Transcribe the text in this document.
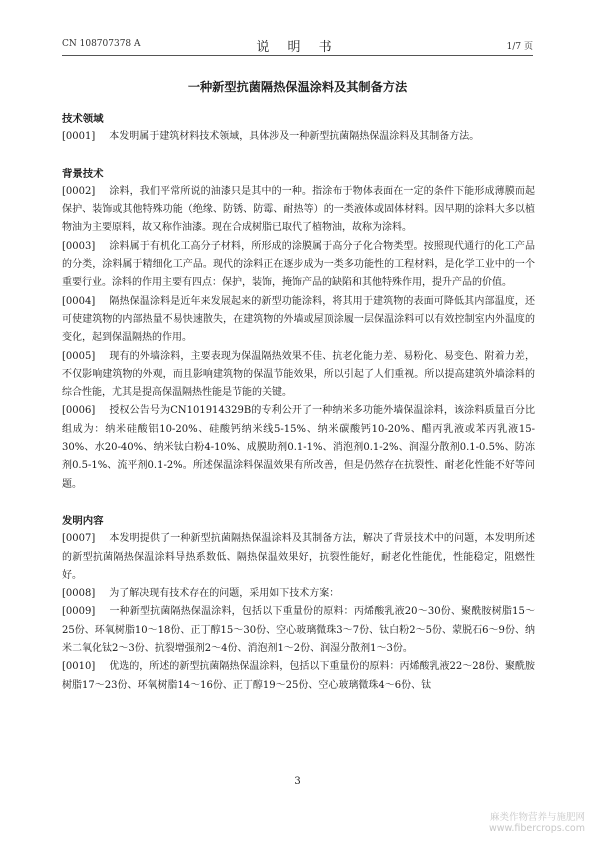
CN 108707378 A	说 明 书	1/7 页
一种新型抗菌隔热保温涂料及其制备方法

技术领域

[0001] 本发明属于建筑材料技术领域，具体涉及一种新型抗菌隔热保温涂料及其制备方法。

背景技术

[0002] 涂料，我们平常所说的油漆只是其中的一种。指涂布于物体表面在一定的条件下能形成薄膜而起保护、装饰或其他特殊功能（绝缘、防锈、防霉、耐热等）的一类液体或固体材料。因早期的涂料大多以植物油为主要原料，故又称作油漆。现在合成树脂已取代了植物油，故称为涂料。

[0003] 涂料属于有机化工高分子材料，所形成的涂膜属于高分子化合物类型。按照现代通行的化工产品的分类，涂料属于精细化工产品。现代的涂料正在逐步成为一类多功能性的工程材料，是化学工业中的一个重要行业。涂料的作用主要有四点：保护，装饰，掩饰产品的缺陷和其他特殊作用，提升产品的价值。

[0004] 隔热保温涂料是近年来发展起来的新型功能涂料，将其用于建筑物的表面可降低其内部温度，还可使建筑物的内部热量不易快速散失，在建筑物的外墙或屋顶涂履一层保温涂料可以有效控制室内外温度的变化，起到保温隔热的作用。

[0005] 现有的外墙涂料，主要表现为保温隔热效果不佳、抗老化能力差、易粉化、易变色、附着力差，不仅影响建筑物的外观，而且影响建筑物的保温节能效果，所以引起了人们重视。所以提高建筑外墙涂料的综合性能，尤其是提高保温隔热性能是节能的关键。

[0006] 授权公告号为CN101914329B的专利公开了一种纳米多功能外墙保温涂料，该涂料质量百分比组成为：纳米硅酸铝10-20%、硅酸钙纳米线5-15%、纳米碳酸钙10-20%、醋丙乳液或苯丙乳液15-30%、水20-40%、纳米钛白粉4-10%、成膜助剂0.1-1%、消泡剂0.1-2%、润湿分散剂0.1-0.5%、防冻剂0.5-1%、流平剂0.1-2%。所述保温涂料保温效果有所改善，但是仍然存在抗裂性、耐老化性能不好等问题。

发明内容

[0007] 本发明提供了一种新型抗菌隔热保温涂料及其制备方法，解决了背景技术中的问题，本发明所述的新型抗菌隔热保温涂料导热系数低、隔热保温效果好，抗裂性能好，耐老化性能优，性能稳定，阻燃性好。

[0008] 为了解决现有技术存在的问题，采用如下技术方案：

[0009] 一种新型抗菌隔热保温涂料，包括以下重量份的原料：丙烯酸乳液20～30份、聚酰胺树脂15～25份、环氧树脂10～18份、正丁醇15～30份、空心玻璃微珠3～7份、钛白粉2～5份、蒙脱石6～9份、纳米二氧化钛2～3份、抗裂增强剂2～4份、消泡剂1～2份、润湿分散剂1～3份。

[0010] 优选的，所述的新型抗菌隔热保温涂料，包括以下重量份的原料：丙烯酸乳液22～28份、聚酰胺树脂17～23份、环氧树脂14～16份、正丁醇19～25份、空心玻璃微珠4～6份、钛

3
麻类作物营养与施肥网
www.fibercrops.com
